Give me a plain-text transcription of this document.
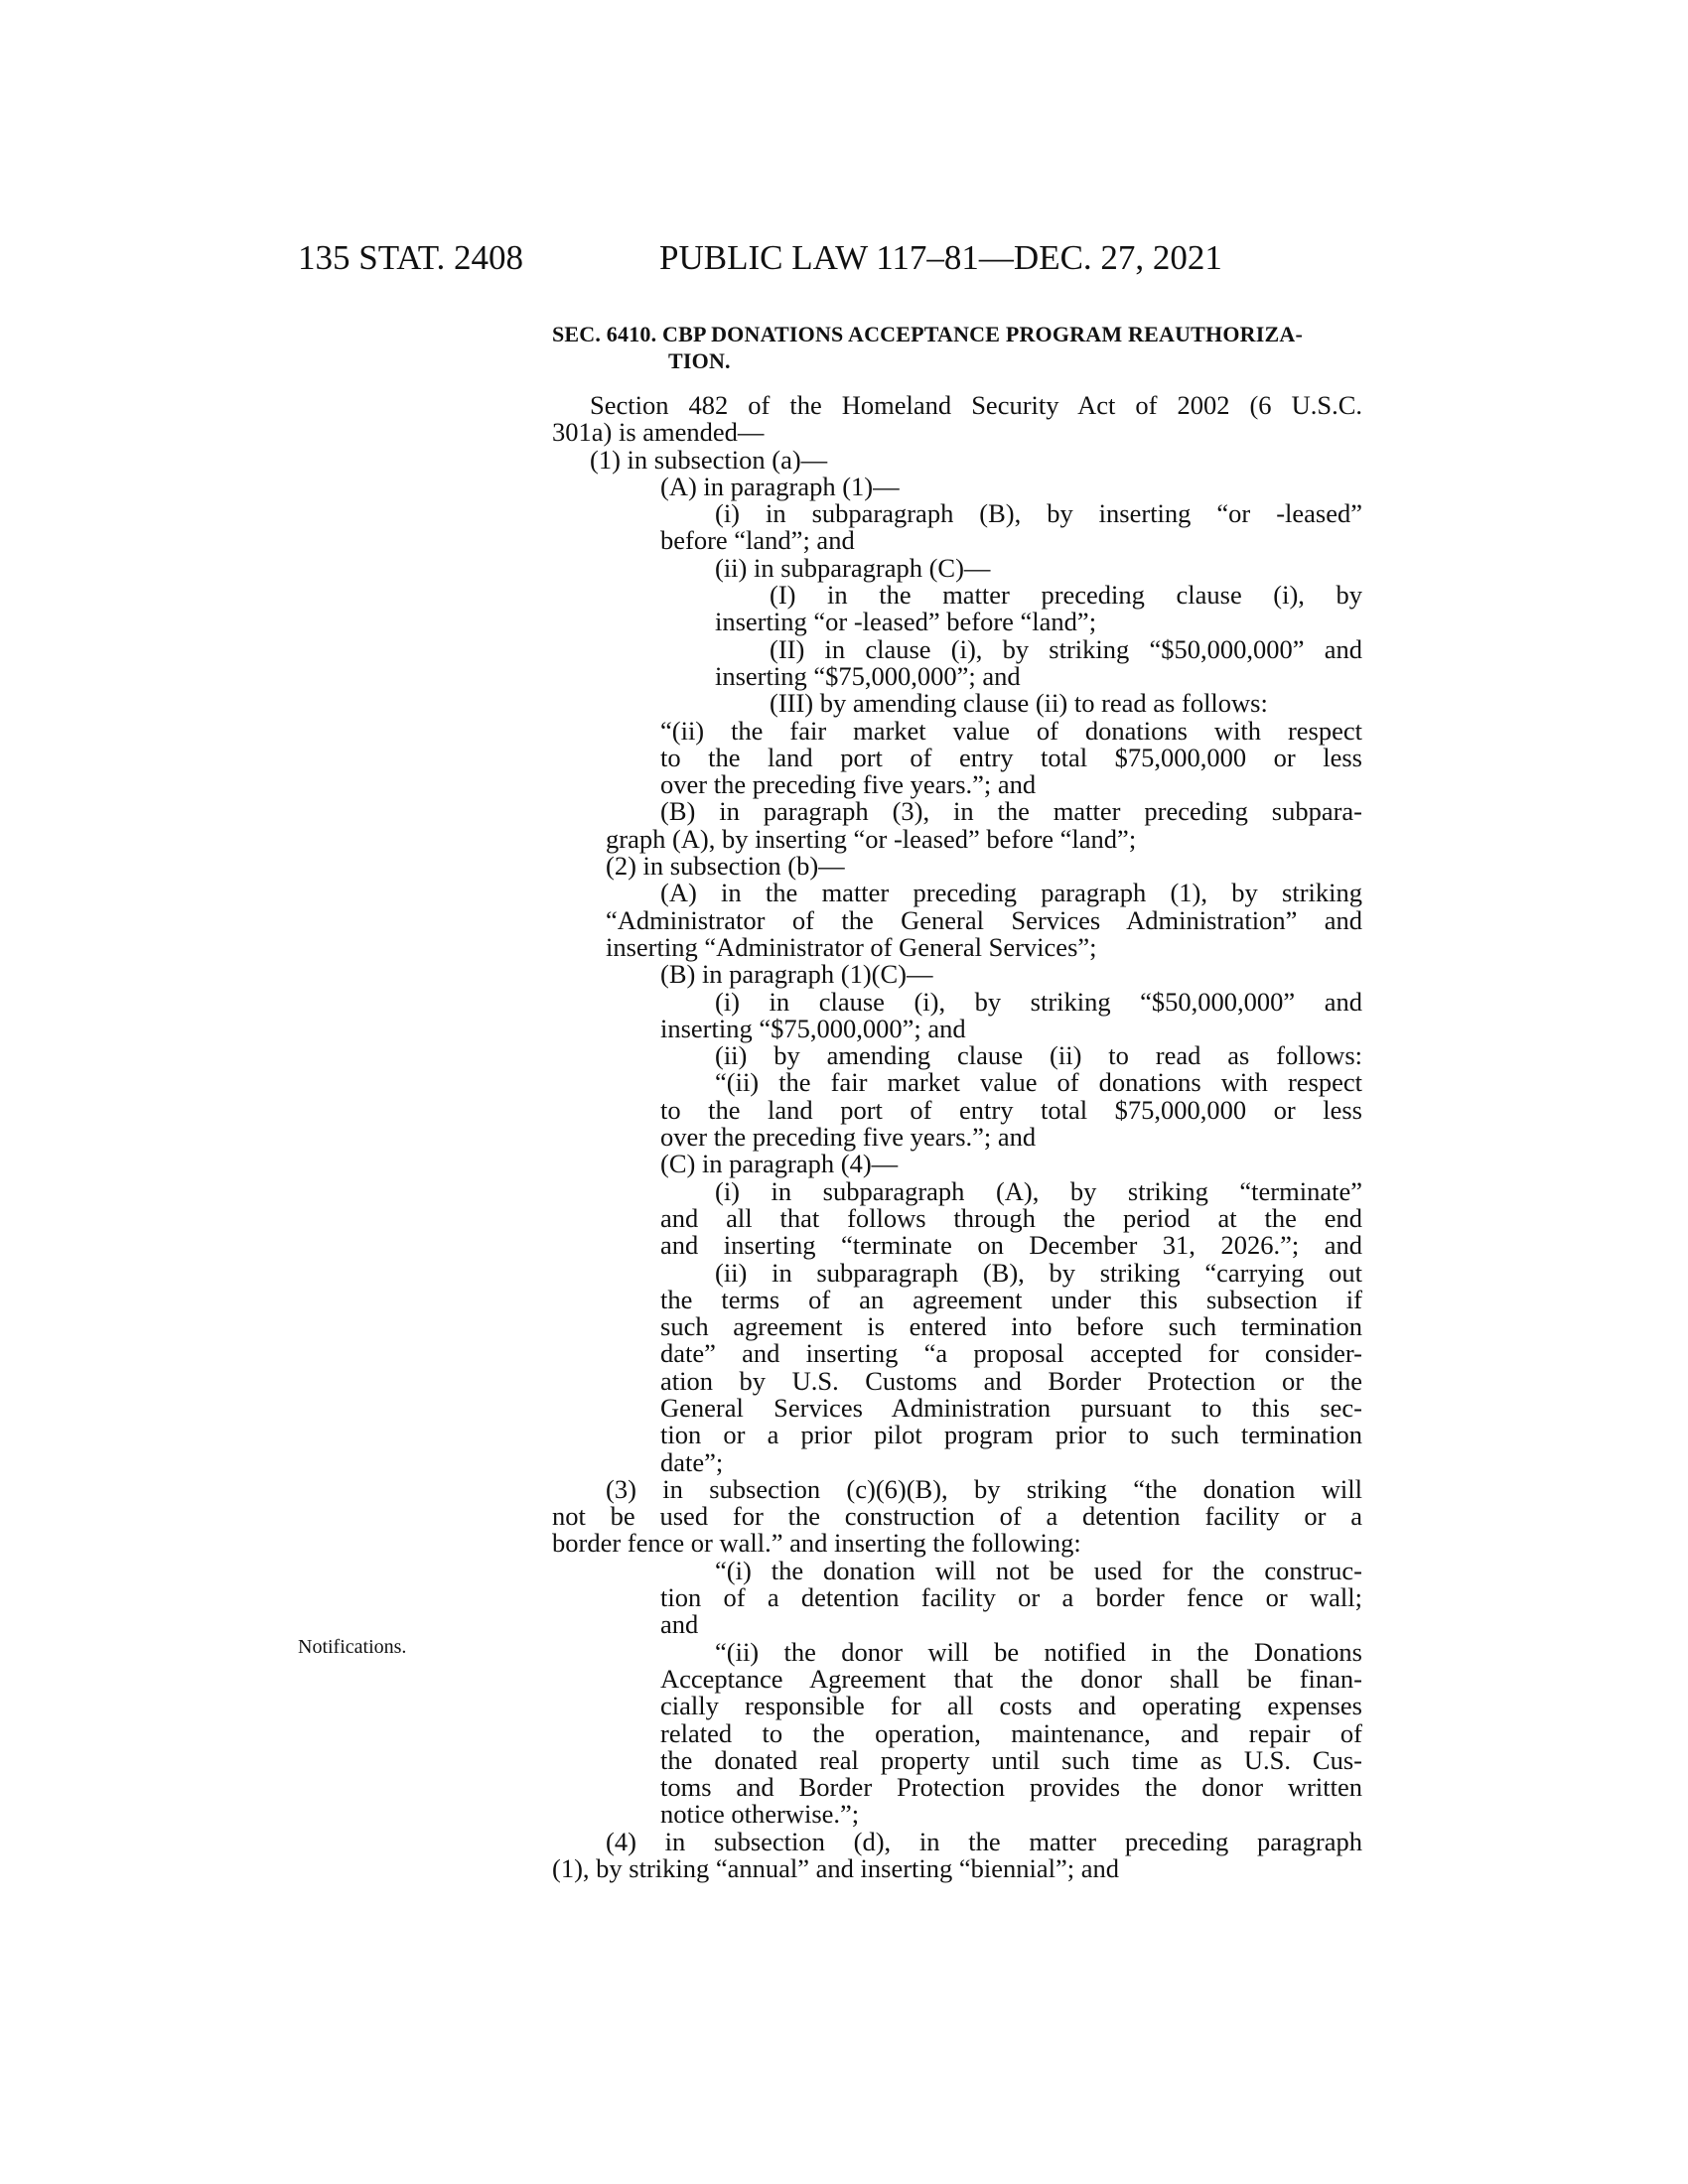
135 STAT. 2408	PUBLIC LAW 117–81—DEC. 27, 2021
Notifications.
SEC. 6410. CBP DONATIONS ACCEPTANCE PROGRAM REAUTHORIZA-
TION.
Section 482 of the Homeland Security Act of 2002 (6 U.S.C.
301a) is amended—
(1) in subsection (a)—
(A) in paragraph (1)—
(i) in subparagraph (B), by inserting “or -leased”
before “land”; and
(ii) in subparagraph (C)—
(I) in the matter preceding clause (i), by
inserting “or -leased” before “land”;
(II) in clause (i), by striking “$50,000,000” and
inserting “$75,000,000”; and
(III) by amending clause (ii) to read as follows:
“(ii) the fair market value of donations with respect
to the land port of entry total $75,000,000 or less
over the preceding five years.”; and
(B) in paragraph (3), in the matter preceding subpara-
graph (A), by inserting “or -leased” before “land”;
(2) in subsection (b)—
(A) in the matter preceding paragraph (1), by striking
“Administrator of the General Services Administration” and
inserting “Administrator of General Services”;
(B) in paragraph (1)(C)—
(i) in clause (i), by striking “$50,000,000” and
inserting “$75,000,000”; and
(ii) by amending clause (ii) to read as follows:
“(ii) the fair market value of donations with respect
to the land port of entry total $75,000,000 or less
over the preceding five years.”; and
(C) in paragraph (4)—
(i) in subparagraph (A), by striking “terminate”
and all that follows through the period at the end
and inserting “terminate on December 31, 2026.”; and
(ii) in subparagraph (B), by striking “carrying out
the terms of an agreement under this subsection if
such agreement is entered into before such termination
date” and inserting “a proposal accepted for consider-
ation by U.S. Customs and Border Protection or the
General Services Administration pursuant to this sec-
tion or a prior pilot program prior to such termination
date”;
(3) in subsection (c)(6)(B), by striking “the donation will
not be used for the construction of a detention facility or a
border fence or wall.” and inserting the following:
“(i) the donation will not be used for the construc-
tion of a detention facility or a border fence or wall;
and
“(ii) the donor will be notified in the Donations
Acceptance Agreement that the donor shall be finan-
cially responsible for all costs and operating expenses
related to the operation, maintenance, and repair of
the donated real property until such time as U.S. Cus-
toms and Border Protection provides the donor written
notice otherwise.”;
(4) in subsection (d), in the matter preceding paragraph
(1), by striking “annual” and inserting “biennial”; and
